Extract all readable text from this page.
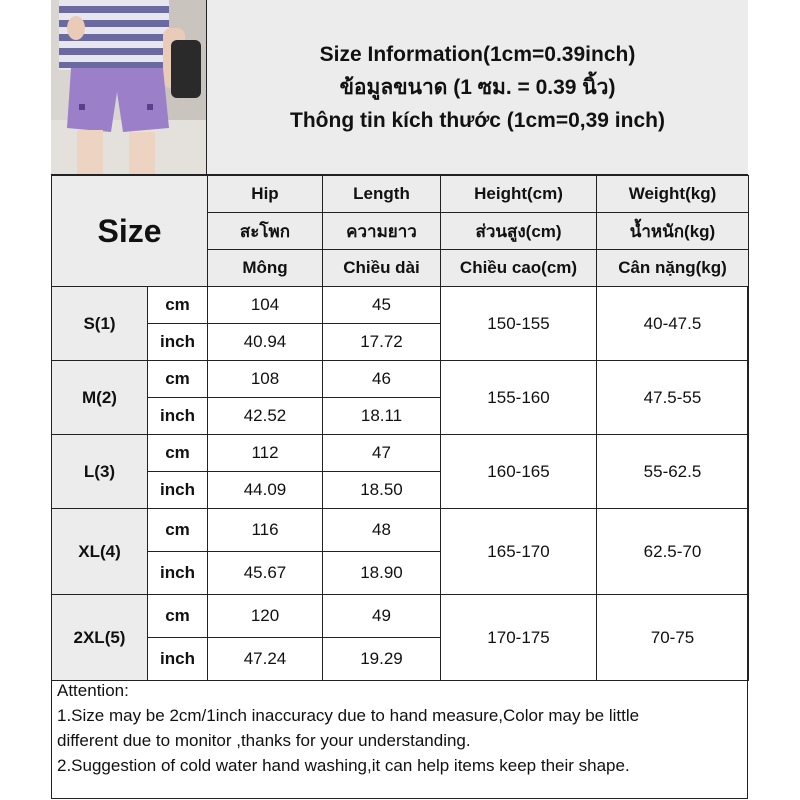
Size Information(1cm=0.39inch)
ข้อมูลขนาด (1 ซม. = 0.39 นิ้ว)
Thông tin kích thước (1cm=0,39 inch)
Size		Hip	Length	Height(cm)	Weight(kg)
		สะโพก	ความยาว	ส่วนสูง(cm)	น้ำหนัก(kg)
		Mông	Chiều dài	Chiều cao(cm)	Cân nặng(kg)
S(1)	cm	104	45	150-155	40-47.5
	inch	40.94	17.72		
M(2)	cm	108	46	155-160	47.5-55
	inch	42.52	18.11		
L(3)	cm	112	47	160-165	55-62.5
	inch	44.09	18.50		
XL(4)	cm	116	48	165-170	62.5-70
	inch	45.67	18.90		
2XL(5)	cm	120	49	170-175	70-75
	inch	47.24	19.29		
Attention:
1.Size may be 2cm/1inch inaccuracy due to hand measure,Color may be little
different due to monitor ,thanks for your understanding.
2.Suggestion of cold water hand washing,it can help items keep their shape.
